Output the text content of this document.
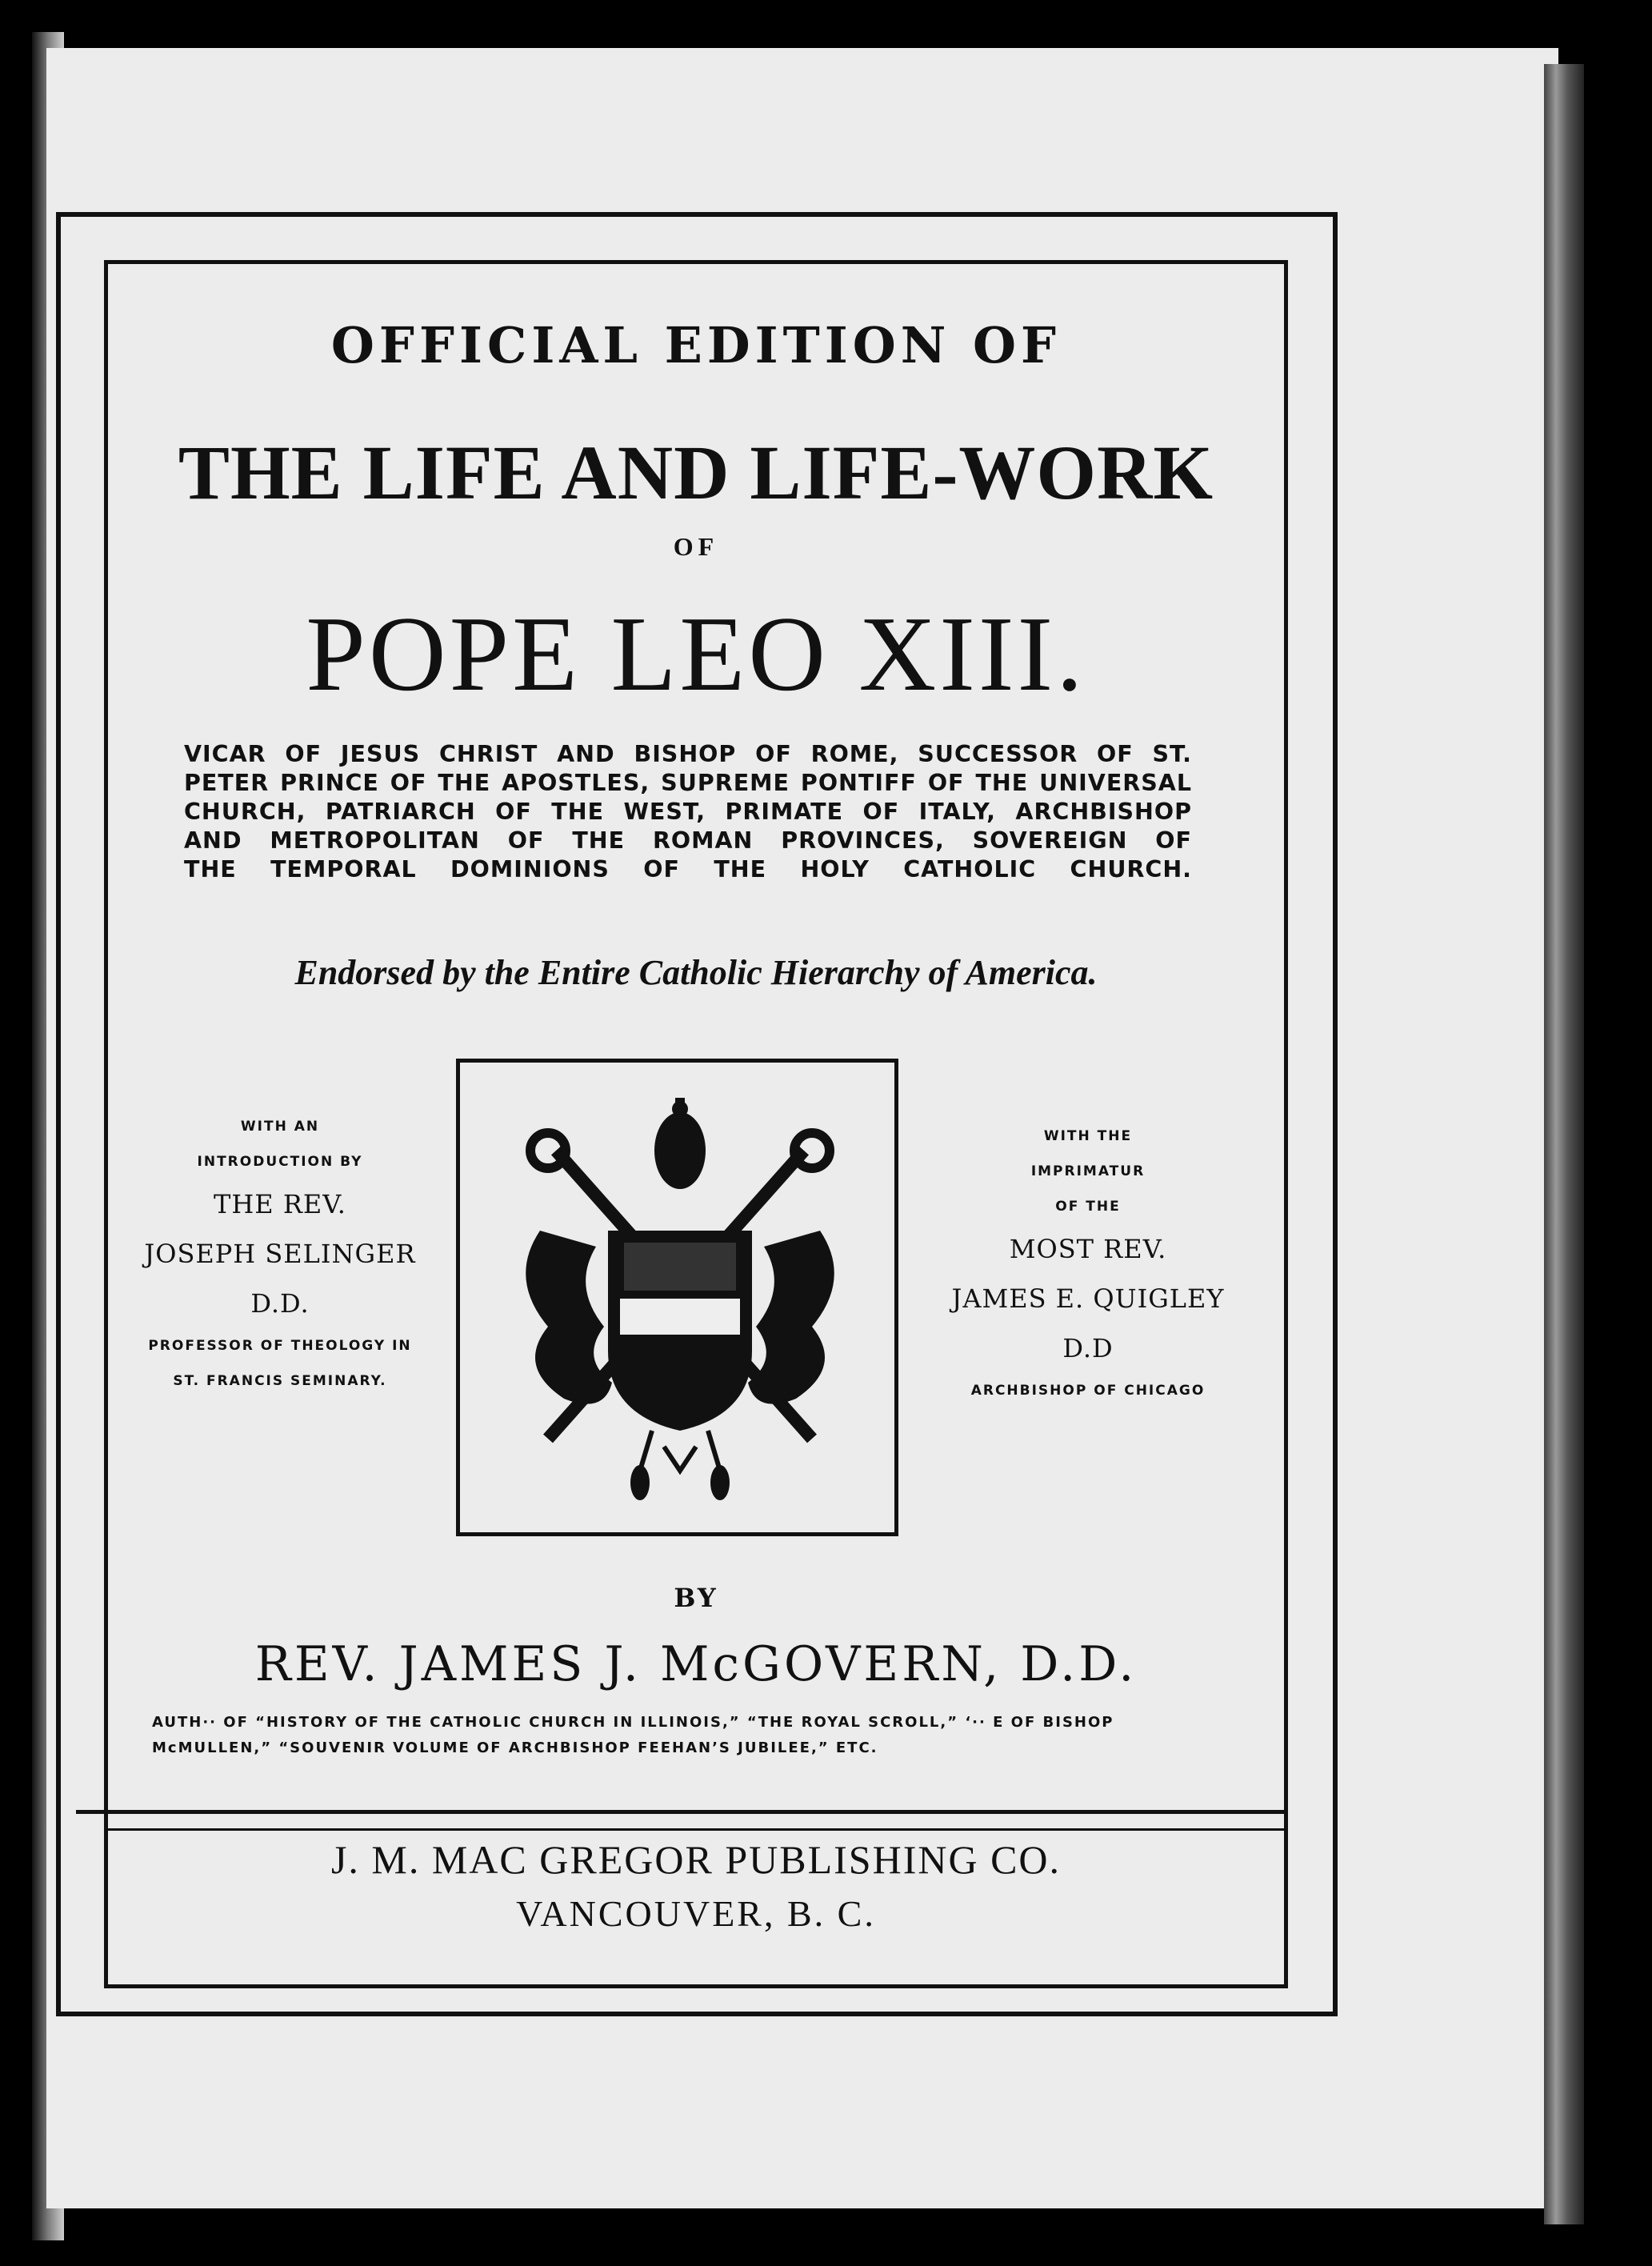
OFFICIAL EDITION OF
THE LIFE AND LIFE-WORK
OF
POPE LEO XIII.
VICAR OF JESUS CHRIST AND BISHOP OF ROME, SUCCESSOR OF ST.
PETER PRINCE OF THE APOSTLES, SUPREME PONTIFF OF THE UNIVERSAL
CHURCH, PATRIARCH OF THE WEST, PRIMATE OF ITALY, ARCHBISHOP
AND METROPOLITAN OF THE ROMAN PROVINCES, SOVEREIGN OF
THE TEMPORAL DOMINIONS OF THE HOLY CATHOLIC CHURCH.
Endorsed by the Entire Catholic Hierarchy of America.
WITH AN
INTRODUCTION BY
THE REV.
JOSEPH SELINGER
D.D.
PROFESSOR OF THEOLOGY IN
ST. FRANCIS SEMINARY.
WITH THE
IMPRIMATUR
OF THE
MOST REV.
JAMES E. QUIGLEY
D.D
ARCHBISHOP OF CHICAGO
BY
REV. JAMES J. McGOVERN, D.D.
AUTH·· OF “HISTORY OF THE CATHOLIC CHURCH IN ILLINOIS,” “THE ROYAL SCROLL,” ‘·· E OF BISHOP
McMULLEN,” “SOUVENIR VOLUME OF ARCHBISHOP FEEHAN’S JUBILEE,” ETC.
J. M. MAC GREGOR PUBLISHING CO.
VANCOUVER, B. C.
